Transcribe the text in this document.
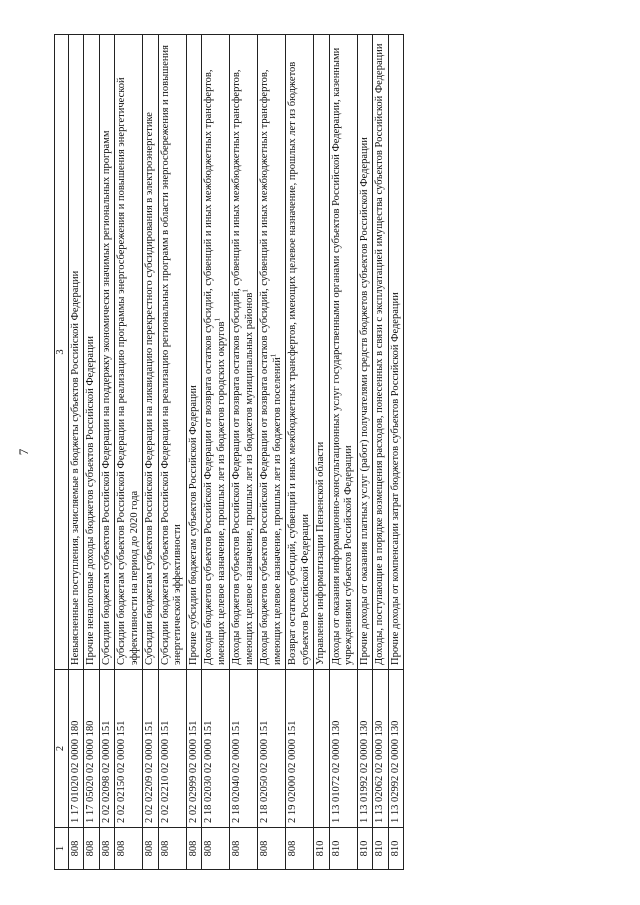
7
1	2	3
808	1 17 01020 02 0000 180	Невыясненные поступления, зачисляемые в бюджеты субъектов Российской Федерации
808	1 17 05020 02 0000 180	Прочие неналоговые доходы бюджетов субъектов Российской Федерации
808	2 02 02098 02 0000 151	Субсидии бюджетам субъектов Российской Федерации на поддержку экономически значимых региональных программ
808	2 02 02150 02 0000 151	Субсидии бюджетам субъектов Российской Федерации на реализацию программы энергосбережения и повышения энергетической эффективности на период до 2020 года
808	2 02 02209 02 0000 151	Субсидии бюджетам субъектов Российской Федерации на ликвидацию перекрестного субсидирования в электроэнергетике
808	2 02 02210 02 0000 151	Субсидии бюджетам субъектов Российской Федерации на реализацию региональных программ в области энергосбережения и повышения энергетической эффективности
808	2 02 02999 02 0000 151	Прочие субсидии бюджетам субъектов Российской Федерации
808	2 18 02030 02 0000 151	Доходы бюджетов субъектов Российской Федерации от возврата остатков субсидий, субвенций и иных межбюджетных трансфертов, имеющих целевое назначение, прошлых лет из бюджетов городских округов$^1$
808	2 18 02040 02 0000 151	Доходы бюджетов субъектов Российской Федерации от возврата остатков субсидий, субвенций и иных межбюджетных трансфертов, имеющих целевое назначение, прошлых лет из бюджетов муниципальных районов$^1$
808	2 18 02050 02 0000 151	Доходы бюджетов субъектов Российской Федерации от возврата остатков субсидий, субвенций и иных межбюджетных трансфертов, имеющих целевое назначение, прошлых лет из бюджетов поселений$^1$
808	2 19 02000 02 0000 151	Возврат остатков субсидий, субвенций и иных межбюджетных трансфертов, имеющих целевое назначение, прошлых лет из бюджетов субъектов Российской Федерации
810		Управление информатизации Пензенской области
810	1 13 01072 02 0000 130	Доходы от оказания информационно-консультационных услуг государственными органами субъектов Российской Федерации, казенными учреждениями субъектов Российской Федерации
810	1 13 01992 02 0000 130	Прочие доходы от оказания платных услуг (работ) получателями средств бюджетов субъектов Российской Федерации
810	1 13 02062 02 0000 130	Доходы, поступающие в порядке возмещения расходов, понесенных в связи с эксплуатацией имущества субъектов Российской Федерации
810	1 13 02992 02 0000 130	Прочие доходы от компенсации затрат бюджетов субъектов Российской Федерации
